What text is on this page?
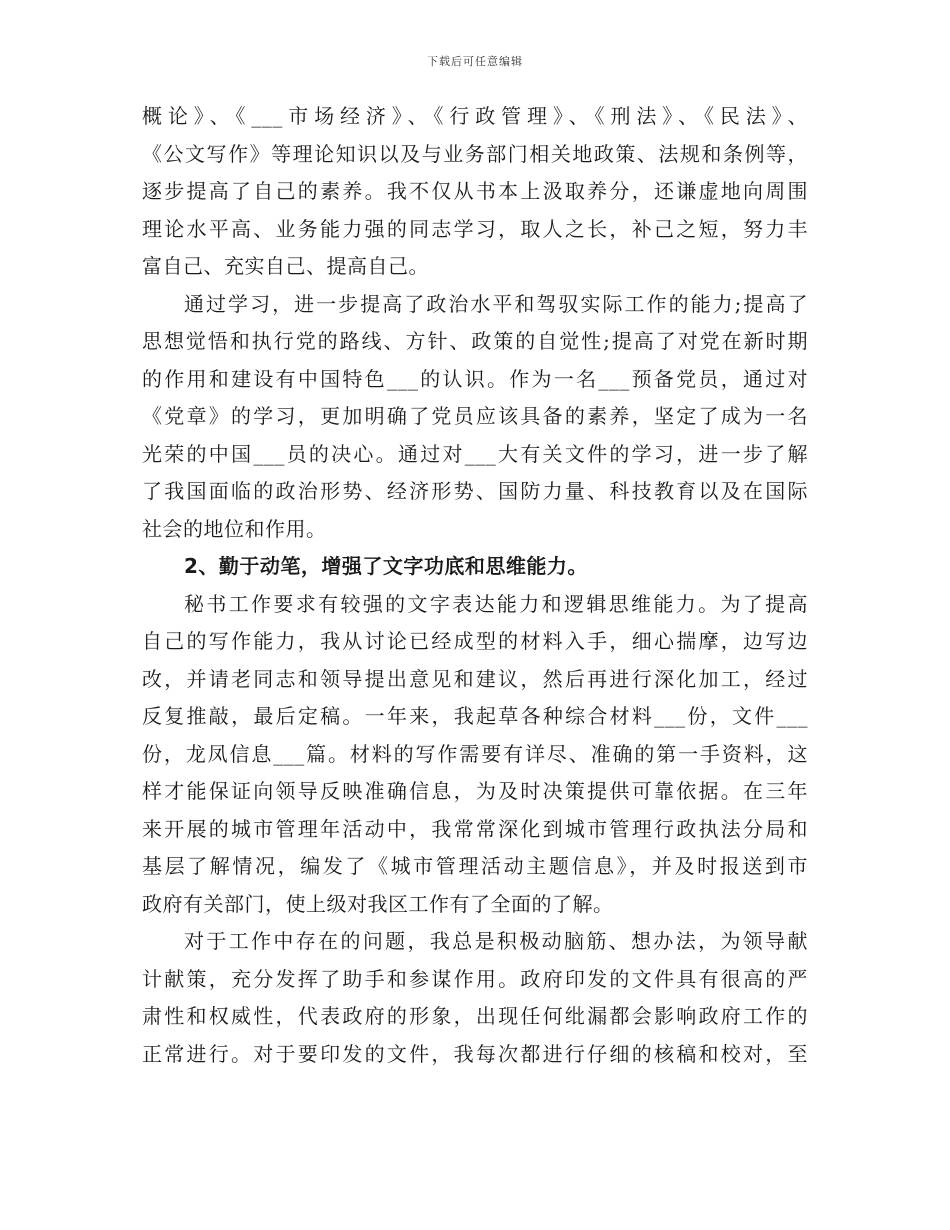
下载后可任意编辑
概论》、《___市场经济》、《行政管理》、《刑法》、《民法》、
《公文写作》等理论知识以及与业务部门相关地政策、法规和条例等，
逐步提高了自己的素养。我不仅从书本上汲取养分，还谦虚地向周围
理论水平高、业务能力强的同志学习，取人之长，补己之短，努力丰
富自己、充实自己、提高自己。
通过学习，进一步提高了政治水平和驾驭实际工作的能力;提高了
思想觉悟和执行党的路线、方针、政策的自觉性;提高了对党在新时期
的作用和建设有中国特色___的认识。作为一名___预备党员，通过对
《党章》的学习，更加明确了党员应该具备的素养，坚定了成为一名
光荣的中国___员的决心。通过对___大有关文件的学习，进一步了解
了我国面临的政治形势、经济形势、国防力量、科技教育以及在国际
社会的地位和作用。
2、勤于动笔，增强了文字功底和思维能力。
秘书工作要求有较强的文字表达能力和逻辑思维能力。为了提高
自己的写作能力，我从讨论已经成型的材料入手，细心揣摩，边写边
改，并请老同志和领导提出意见和建议，然后再进行深化加工，经过
反复推敲，最后定稿。一年来，我起草各种综合材料___份，文件___
份，龙凤信息___篇。材料的写作需要有详尽、准确的第一手资料，这
样才能保证向领导反映准确信息，为及时决策提供可靠依据。在三年
来开展的城市管理年活动中，我常常深化到城市管理行政执法分局和
基层了解情况，编发了《城市管理活动主题信息》，并及时报送到市
政府有关部门，使上级对我区工作有了全面的了解。
对于工作中存在的问题，我总是积极动脑筋、想办法，为领导献
计献策，充分发挥了助手和参谋作用。政府印发的文件具有很高的严
肃性和权威性，代表政府的形象，出现任何纰漏都会影响政府工作的
正常进行。对于要印发的文件，我每次都进行仔细的核稿和校对，至
